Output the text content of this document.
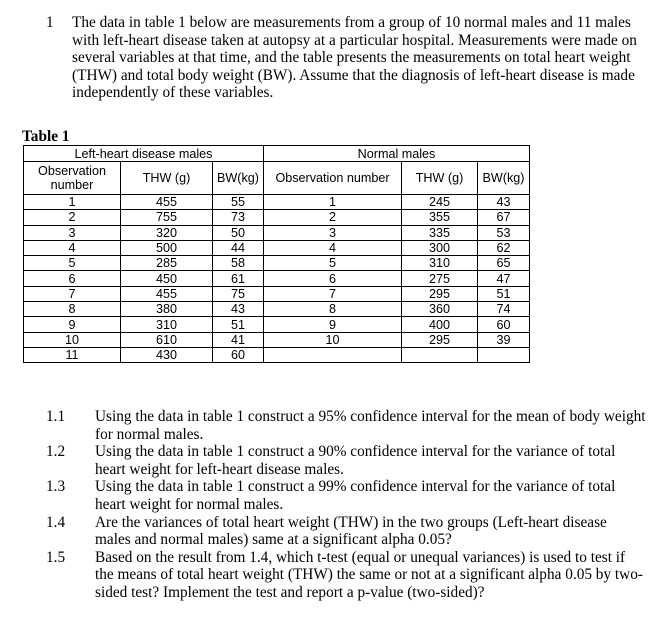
1 The data in table 1 below are measurements from a group of 10 normal males and 11 males with left-heart disease taken at autopsy at a particular hospital. Measurements were made on several variables at that time, and the table presents the measurements on total heart weight (THW) and total body weight (BW). Assume that the diagnosis of left-heart disease is made independently of these variables.
Table 1
Left-heart disease males			Normal males		
Observation number	THW (g)	BW(kg)	Observation number	THW (g)	BW(kg)
1	455	55	1	245	43
2	755	73	2	355	67
3	320	50	3	335	53
4	500	44	4	300	62
5	285	58	5	310	65
6	450	61	6	275	47
7	455	75	7	295	51
8	380	43	8	360	74
9	310	51	9	400	60
10	610	41	10	295	39
11	430	60			
1.1 Using the data in table 1 construct a 95% confidence interval for the mean of body weight for normal males.
1.2 Using the data in table 1 construct a 90% confidence interval for the variance of total heart weight for left-heart disease males.
1.3 Using the data in table 1 construct a 99% confidence interval for the variance of total heart weight for normal males.
1.4 Are the variances of total heart weight (THW) in the two groups (Left-heart disease males and normal males) same at a significant alpha 0.05?
1.5 Based on the result from 1.4, which t-test (equal or unequal variances) is used to test if the means of total heart weight (THW) the same or not at a significant alpha 0.05 by two-sided test? Implement the test and report a p-value (two-sided)?
